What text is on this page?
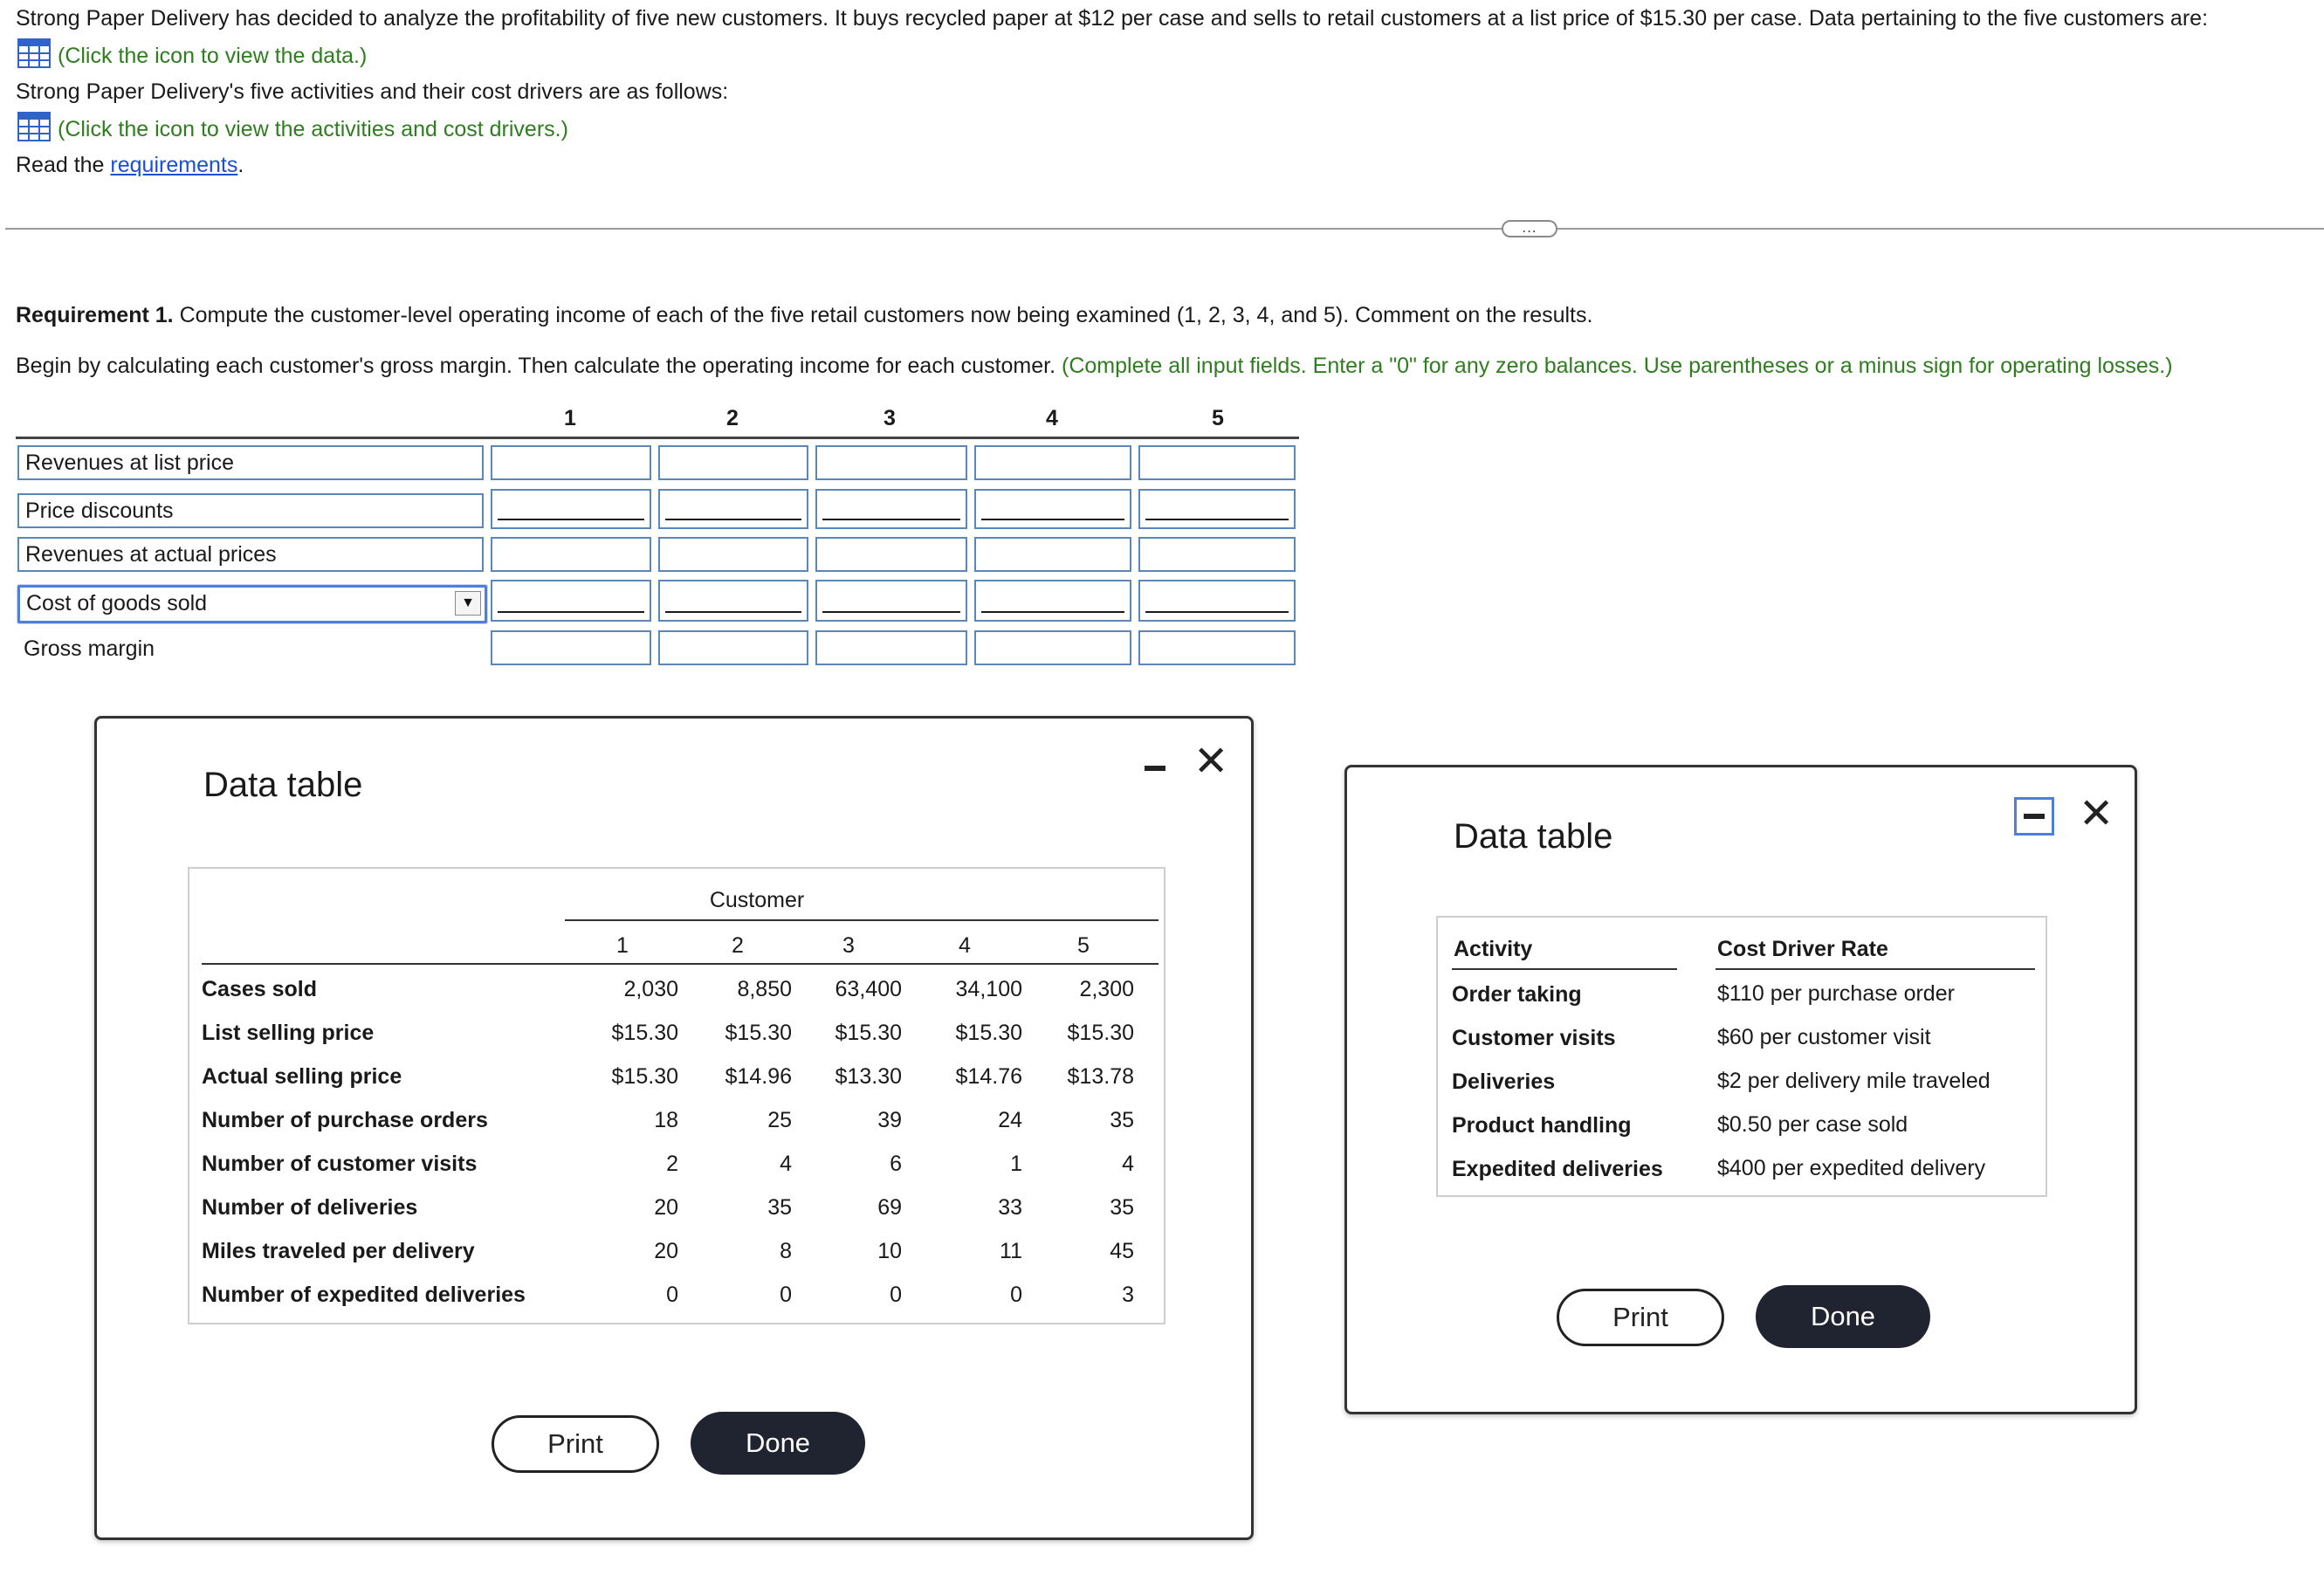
Strong Paper Delivery has decided to analyze the profitability of five new customers. It buys recycled paper at $12 per case and sells to retail customers at a list price of $15.30 per case. Data pertaining to the five customers are:
(Click the icon to view the data.)
Strong Paper Delivery's five activities and their cost drivers are as follows:
(Click the icon to view the activities and cost drivers.)
Read the requirements.
…
Requirement 1. Compute the customer-level operating income of each of the five retail customers now being examined (1, 2, 3, 4, and 5). Comment on the results.
Begin by calculating each customer's gross margin. Then calculate the operating income for each customer. (Complete all input fields. Enter a "0" for any zero balances. Use parentheses or a minus sign for operating losses.)
1	2	3	4	5
Revenues at list price
Price discounts
Revenues at actual prices
Cost of goods sold	▼
Gross margin
Data table	✕
Customer
1	2	3	4	5
Cases sold	2,030	8,850	63,400	34,100	2,300
List selling price	$15.30	$15.30	$15.30	$15.30	$15.30
Actual selling price	$15.30	$14.96	$13.30	$14.76	$13.78
Number of purchase orders	18	25	39	24	35
Number of customer visits	2	4	6	1	4
Number of deliveries	20	35	69	33	35
Miles traveled per delivery	20	8	10	11	45
Number of expedited deliveries	0	0	0	0	3
Print	Done
Data table	✕
Activity	Cost Driver Rate
Order taking	$110 per purchase order
Customer visits	$60 per customer visit
Deliveries	$2 per delivery mile traveled
Product handling	$0.50 per case sold
Expedited deliveries $400 per expedited delivery
Print	Done
